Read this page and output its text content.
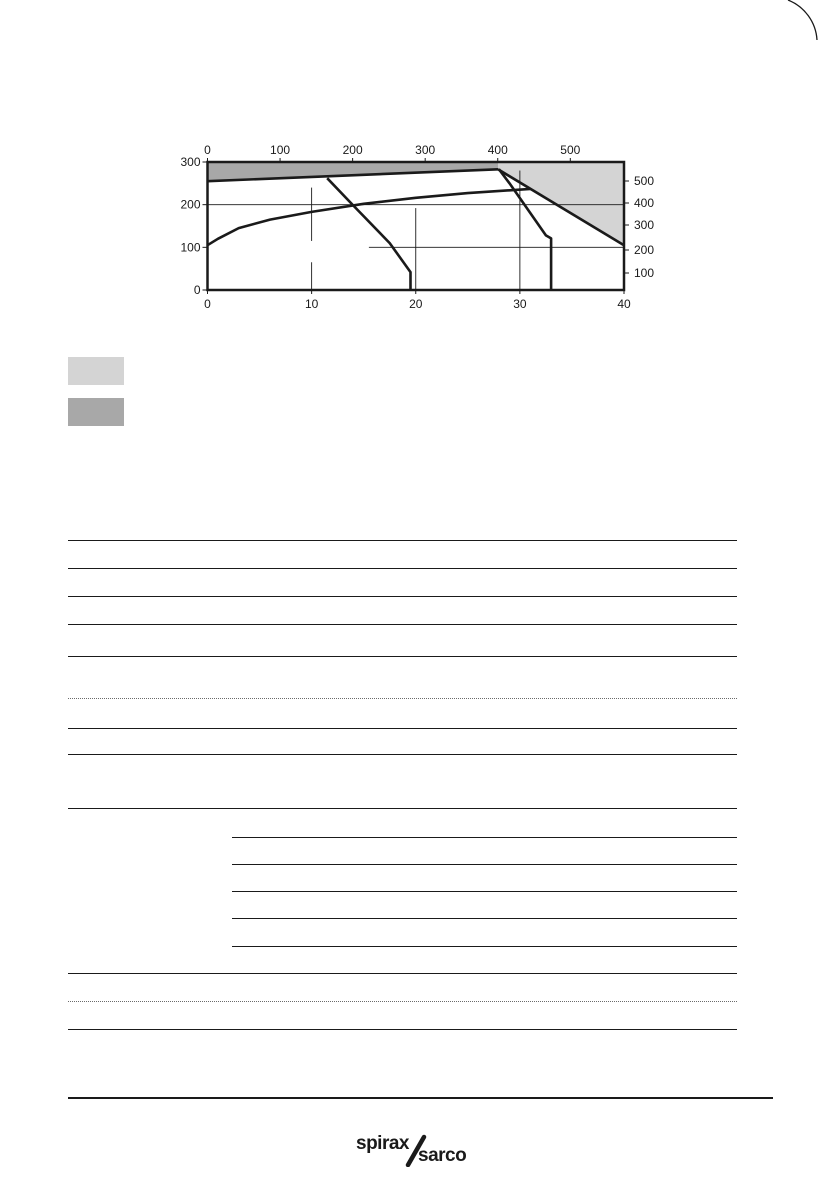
0	10	20	30	40
0	100	200	300	400	500
0
100
200
300
100
200
300
400
500
spirax
sarco
